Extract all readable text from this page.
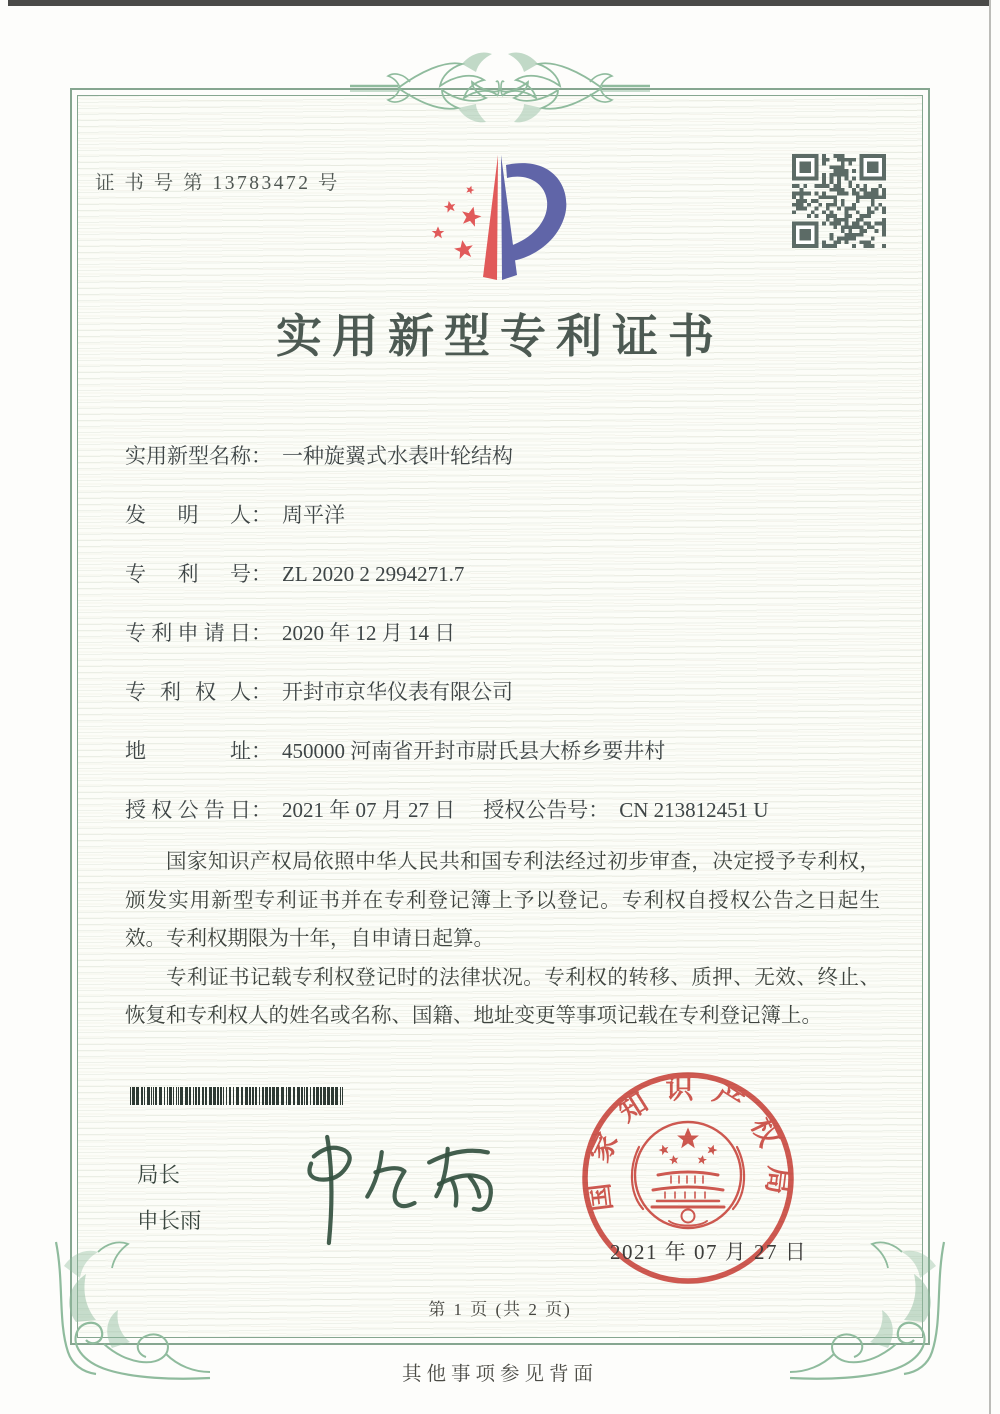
证 书 号 第 13783472 号
实用新型专利证书
实用新型名称： 一种旋翼式水表叶轮结构
发明人： 周平洋
专利号： ZL 2020 2 2994271.7
专利申请日： 2020 年 12 月 14 日
专利权人： 开封市京华仪表有限公司
地址： 450000 河南省开封市尉氏县大桥乡要井村
授权公告日： 2021 年 07 月 27 日 授权公告号： CN 213812451 U

国家知识产权局依照中华人民共和国专利法经过初步审查，决定授予专利权，颁发实用新型专利证书并在专利登记簿上予以登记。专利权自授权公告之日起生效。专利权期限为十年，自申请日起算。

专利证书记载专利权登记时的法律状况。专利权的转移、质押、无效、终止、恢复和专利权人的姓名或名称、国籍、地址变更等事项记载在专利登记簿上。

局长
申长雨
国家知识产权局
2021 年 07 月 27 日
第 1 页 (共 2 页)
其他事项参见背面
